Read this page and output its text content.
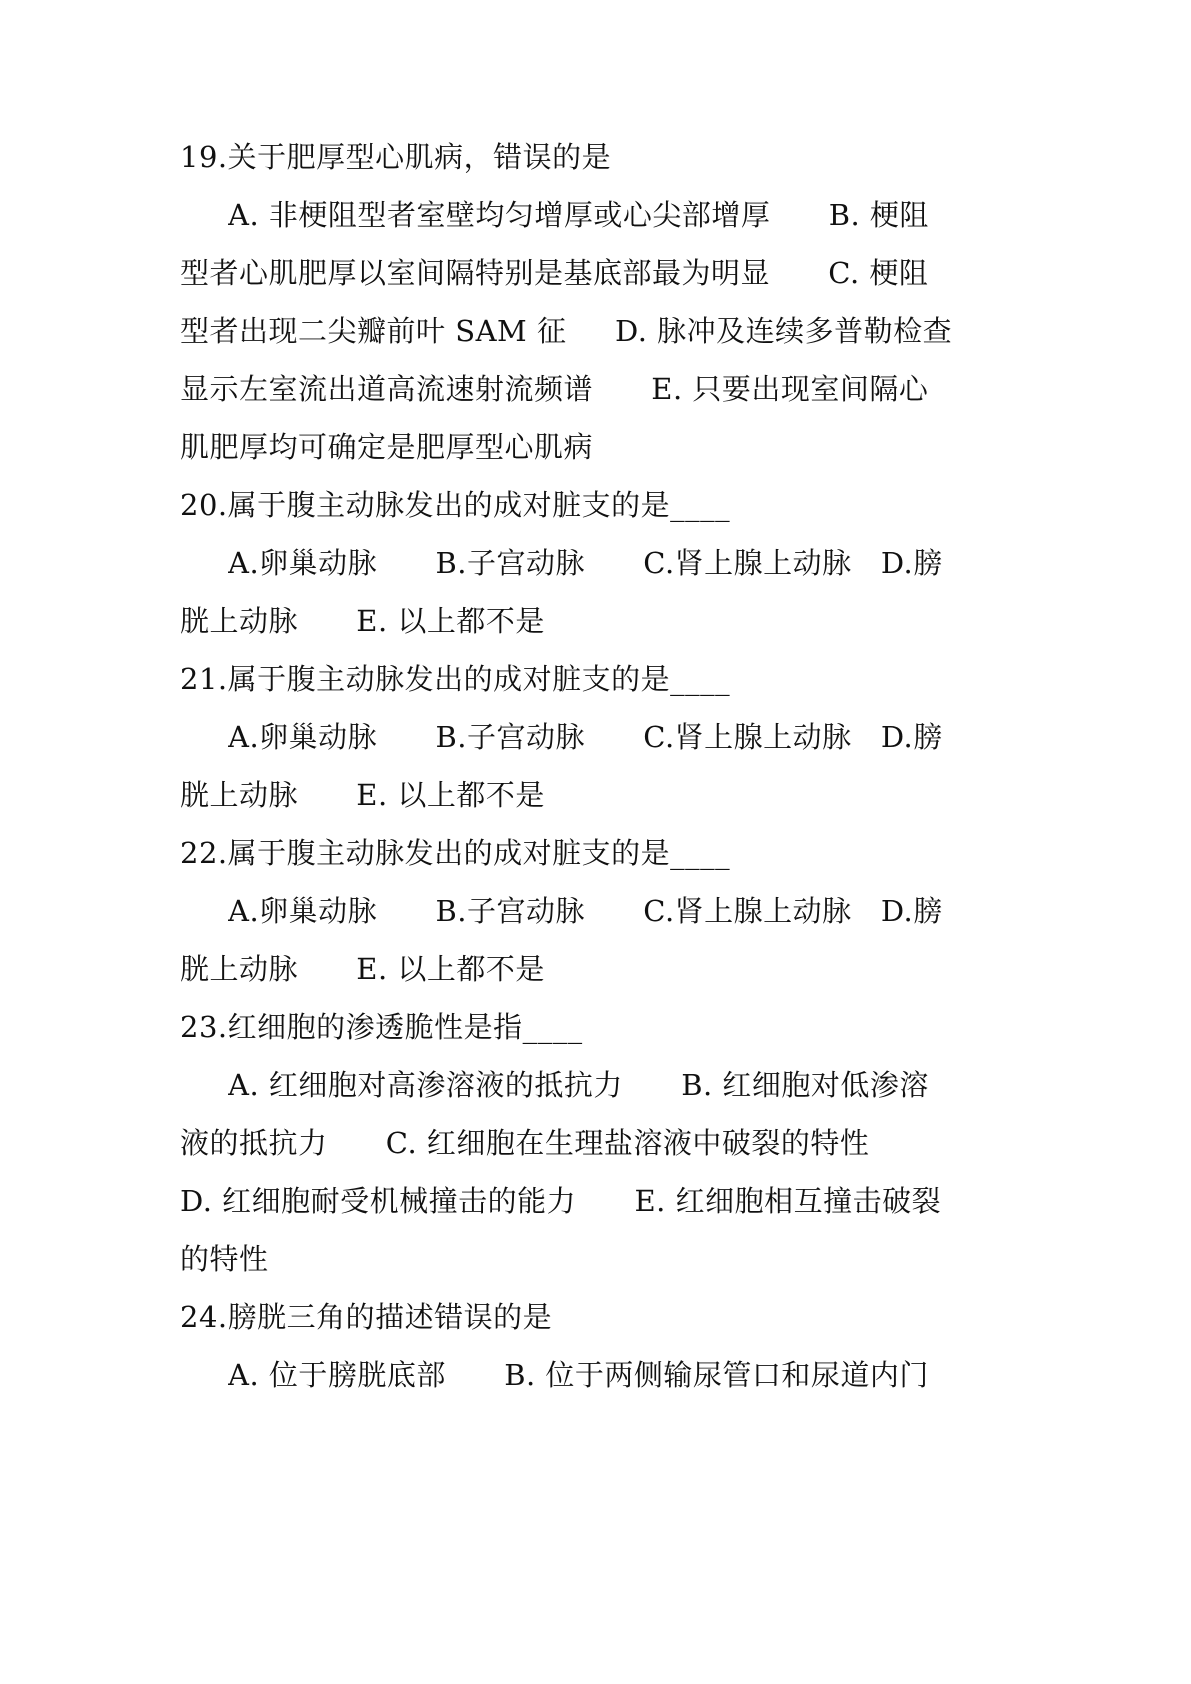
19.关于肥厚型心肌病，错误的是
A. 非梗阻型者室壁均匀增厚或心尖部增厚      B. 梗阻
型者心肌肥厚以室间隔特别是基底部最为明显      C. 梗阻
型者出现二尖瓣前叶 SAM 征     D. 脉冲及连续多普勒检查
显示左室流出道高流速射流频谱      E. 只要出现室间隔心
肌肥厚均可确定是肥厚型心肌病
20.属于腹主动脉发出的成对脏支的是____
A.卵巢动脉      B.子宫动脉      C.肾上腺上动脉   D.膀
胱上动脉      E. 以上都不是
21.属于腹主动脉发出的成对脏支的是____
A.卵巢动脉      B.子宫动脉      C.肾上腺上动脉   D.膀
胱上动脉      E. 以上都不是
22.属于腹主动脉发出的成对脏支的是____
A.卵巢动脉      B.子宫动脉      C.肾上腺上动脉   D.膀
胱上动脉      E. 以上都不是
23.红细胞的渗透脆性是指____
A. 红细胞对高渗溶液的抵抗力      B. 红细胞对低渗溶
液的抵抗力      C. 红细胞在生理盐溶液中破裂的特性
D. 红细胞耐受机械撞击的能力      E. 红细胞相互撞击破裂
的特性
24.膀胱三角的描述错误的是
A. 位于膀胱底部      B. 位于两侧输尿管口和尿道内门
